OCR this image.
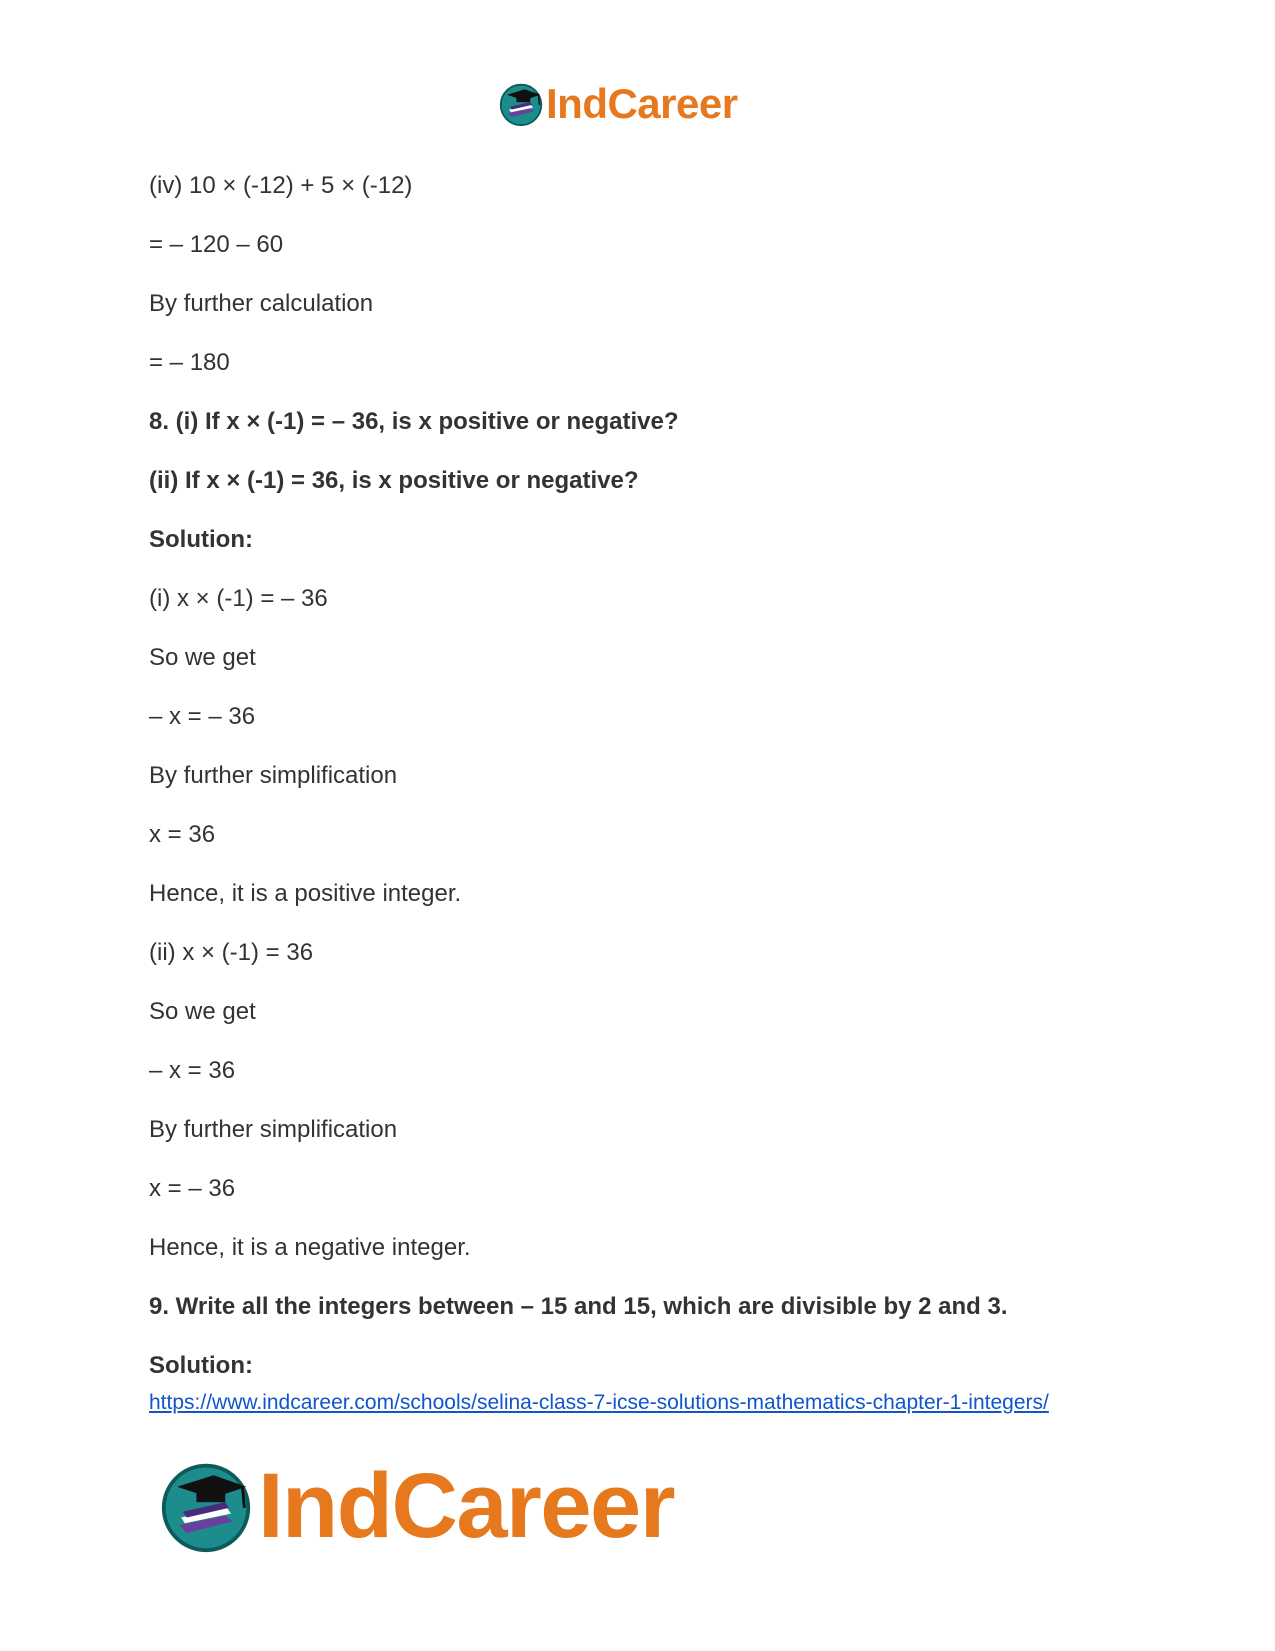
IndCareer
(iv) 10 × (-12) + 5 × (-12)
= – 120 – 60
By further calculation
= – 180
8. (i) If x × (-1) = – 36, is x positive or negative?
(ii) If x × (-1) = 36, is x positive or negative?
Solution:
(i) x × (-1) = – 36
So we get
– x = – 36
By further simplification
x = 36
Hence, it is a positive integer.
(ii) x × (-1) = 36
So we get
– x = 36
By further simplification
x = – 36
Hence, it is a negative integer.
9. Write all the integers between – 15 and 15, which are divisible by 2 and 3.
Solution:
https://www.indcareer.com/schools/selina-class-7-icse-solutions-mathematics-chapter-1-integers/
IndCareer
